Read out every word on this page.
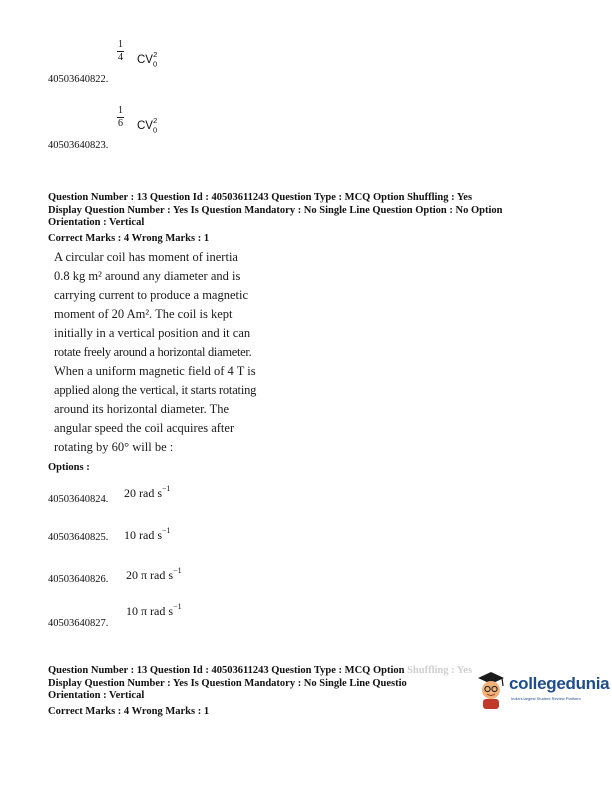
1
4 $CV_0^2$
40503640822.
1
6 $CV_0^2$
40503640823.
Question Number : 13 Question Id : 40503611243 Question Type : MCQ Option Shuffling : Yes
Display Question Number : Yes Is Question Mandatory : No Single Line Question Option : No Option
Orientation : Vertical
Correct Marks : 4 Wrong Marks : 1
A circular coil has moment of inertia
0.8 kg m² around any diameter and is
carrying current to produce a magnetic
moment of 20 Am². The coil is kept
initially in a vertical position and it can
rotate freely around a horizontal diameter.
When a uniform magnetic field of 4 T is
applied along the vertical, it starts rotating
around its horizontal diameter. The
angular speed the coil acquires after
rotating by 60° will be :
Options :
20 rad $s^{-1}$
40503640824.
10 rad $s^{-1}$
40503640825.
20 π rad $s^{-1}$
40503640826.
10 π rad $s^{-1}$
40503640827.
Question Number : 13 Question Id : 40503611243 Question Type : MCQ Option Shuffling : Yes
Display Question Number : Yes Is Question Mandatory : No Single Line Questio
Orientation : Vertical
Correct Marks : 4 Wrong Marks : 1
collegedunia
India's largest Student Review Platform
